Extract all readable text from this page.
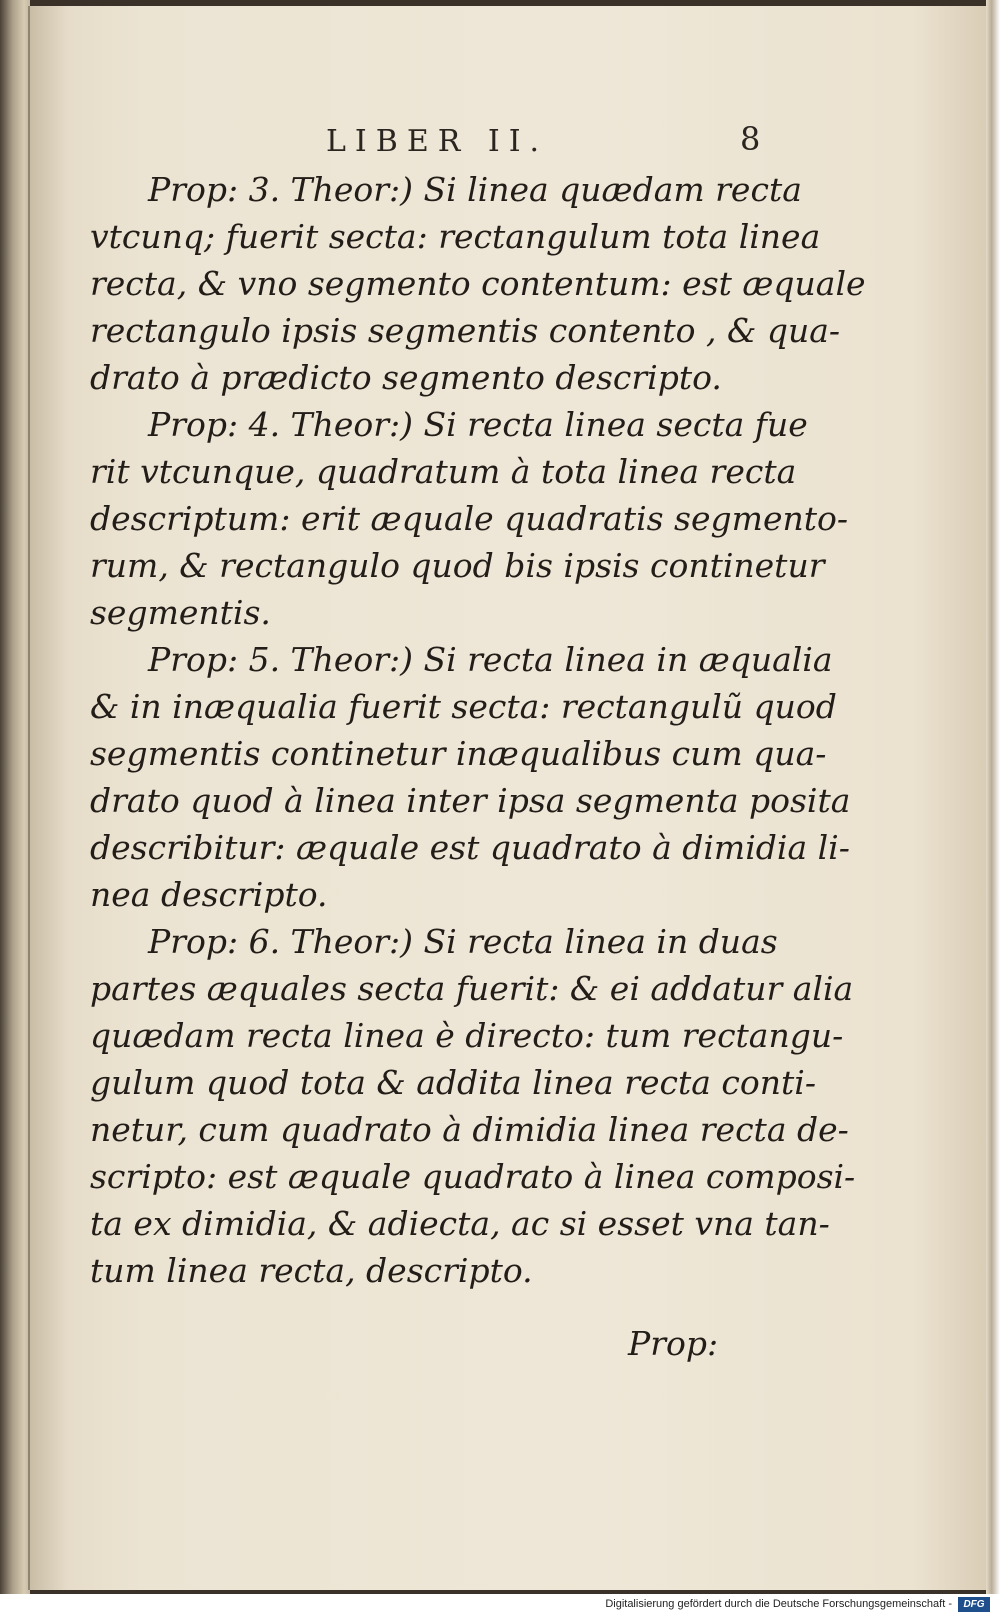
LIBER II.	8
Prop: 3. Theor:) Si linea quædam recta
vtcunq; fuerit secta: rectangulum tota linea
recta, & vno segmento contentum: est æquale
rectangulo ipsis segmentis contento , & qua-
drato à prædicto segmento descripto.
Prop: 4. Theor:) Si recta linea secta fue
rit vtcunque, quadratum à tota linea recta
descriptum: erit æquale quadratis segmento-
rum, & rectangulo quod bis ipsis continetur
segmentis.
Prop: 5. Theor:) Si recta linea in æqualia
& in inæqualia fuerit secta: rectangulũ quod
segmentis continetur inæqualibus cum qua-
drato quod à linea inter ipsa segmenta posita
describitur: æquale est quadrato à dimidia li-
nea descripto.
Prop: 6. Theor:) Si recta linea in duas
partes æquales secta fuerit: & ei addatur alia
quædam recta linea è directo: tum rectangu-
gulum quod tota & addita linea recta conti-
netur, cum quadrato à dimidia linea recta de-
scripto: est æquale quadrato à linea composi-
ta ex dimidia, & adiecta, ac si esset vna tan-
tum linea recta, descripto.
Prop:
Digitalisierung gefördert durch die Deutsche Forschungsgemeinschaft -	DFG
